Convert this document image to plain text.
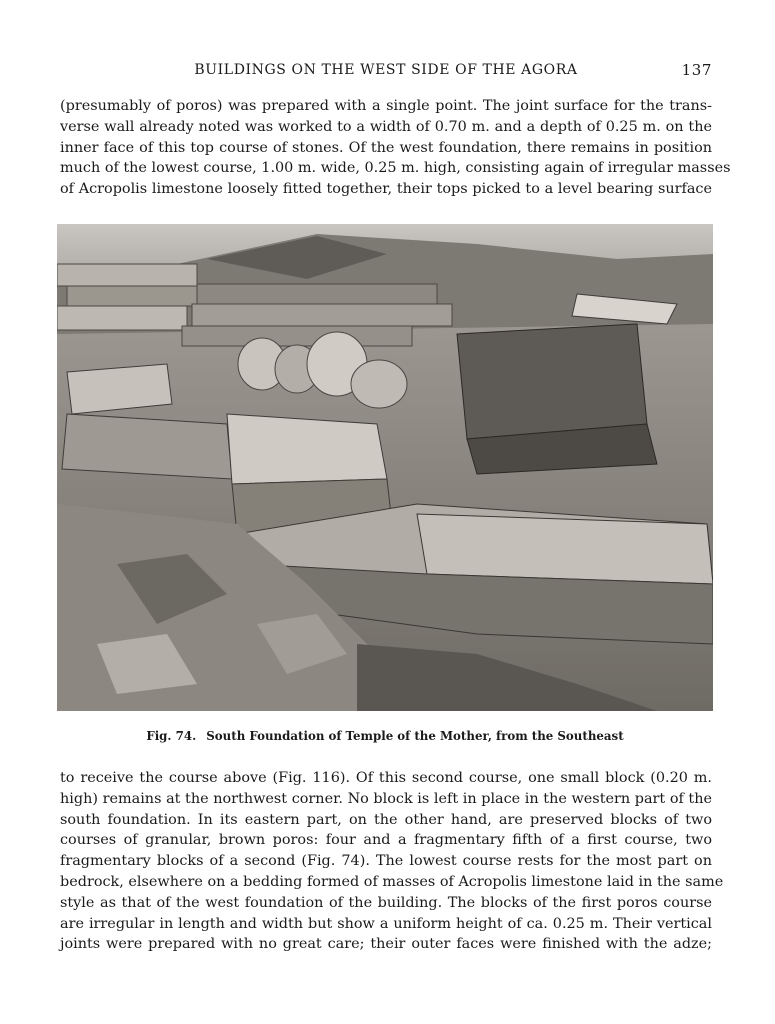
BUILDINGS ON THE WEST SIDE OF THE AGORA	137
(presumably of poros) was prepared with a single point. The joint surface for the trans-
verse wall already noted was worked to a width of 0.70 m. and a depth of 0.25 m. on the
inner face of this top course of stones. Of the west foundation, there remains in position
much of the lowest course, 1.00 m. wide, 0.25 m. high, consisting again of irregular masses
of Acropolis limestone loosely fitted together, their tops picked to a level bearing surface
Fig. 74. South Foundation of Temple of the Mother, from the Southeast
to receive the course above (Fig. 116). Of this second course, one small block (0.20 m.
high) remains at the northwest corner. No block is left in place in the western part of the
south foundation. In its eastern part, on the other hand, are preserved blocks of two
courses of granular, brown poros: four and a fragmentary fifth of a first course, two
fragmentary blocks of a second (Fig. 74). The lowest course rests for the most part on
bedrock, elsewhere on a bedding formed of masses of Acropolis limestone laid in the same
style as that of the west foundation of the building. The blocks of the first poros course
are irregular in length and width but show a uniform height of ca. 0.25 m. Their vertical
joints were prepared with no great care; their outer faces were finished with the adze;
